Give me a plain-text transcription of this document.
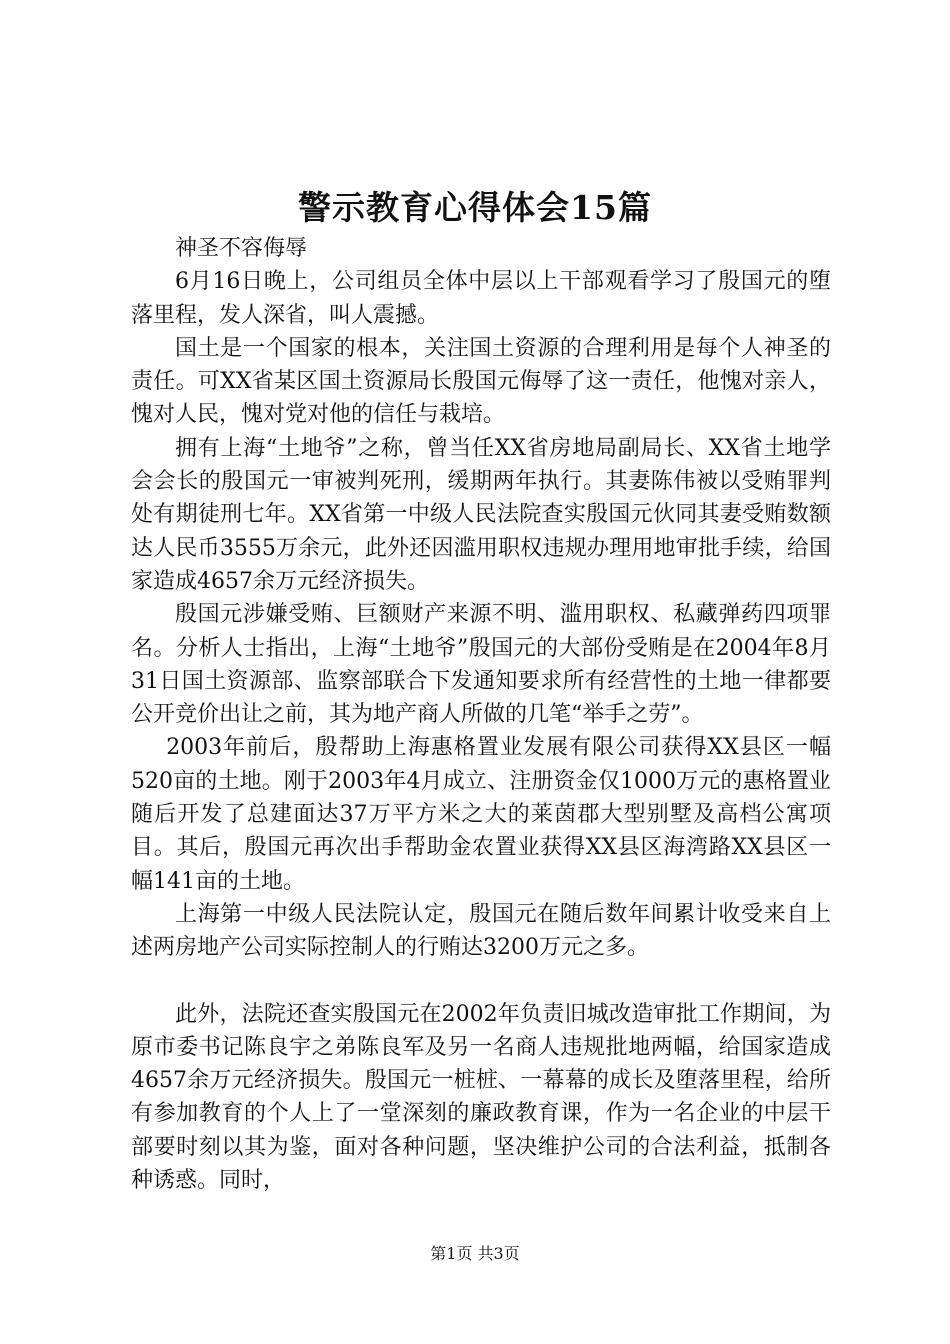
警示教育心得体会15篇

神圣不容侮辱

6月16日晚上，公司组员全体中层以上干部观看学习了殷国元的堕落里程，发人深省，叫人震撼。

国土是一个国家的根本，关注国土资源的合理利用是每个人神圣的责任。可XX省某区国土资源局长殷国元侮辱了这一责任，他愧对亲人，愧对人民，愧对党对他的信任与栽培。

拥有上海“土地爷”之称，曾当任XX省房地局副局长、XX省土地学会会长的殷国元一审被判死刑，缓期两年执行。其妻陈伟被以受贿罪判处有期徒刑七年。XX省第一中级人民法院查实殷国元伙同其妻受贿数额达人民币3555万余元，此外还因滥用职权违规办理用地审批手续，给国家造成4657余万元经济损失。

殷国元涉嫌受贿、巨额财产来源不明、滥用职权、私藏弹药四项罪名。分析人士指出，上海“土地爷”殷国元的大部份受贿是在2004年8月31日国土资源部、监察部联合下发通知要求所有经营性的土地一律都要公开竞价出让之前，其为地产商人所做的几笔“举手之劳”。

2003年前后，殷帮助上海惠格置业发展有限公司获得XX县区一幅520亩的土地。刚于2003年4月成立、注册资金仅1000万元的惠格置业随后开发了总建面达37万平方米之大的莱茵郡大型别墅及高档公寓项目。其后，殷国元再次出手帮助金农置业获得XX县区海湾路XX县区一幅141亩的土地。

上海第一中级人民法院认定，殷国元在随后数年间累计收受来自上述两房地产公司实际控制人的行贿达3200万元之多。

此外，法院还查实殷国元在2002年负责旧城改造审批工作期间，为原市委书记陈良宇之弟陈良军及另一名商人违规批地两幅，给国家造成4657余万元经济损失。殷国元一桩桩、一幕幕的成长及堕落里程，给所有参加教育的个人上了一堂深刻的廉政教育课，作为一名企业的中层干部要时刻以其为鉴，面对各种问题，坚决维护公司的合法利益，抵制各种诱惑。同时，

第1页 共3页
